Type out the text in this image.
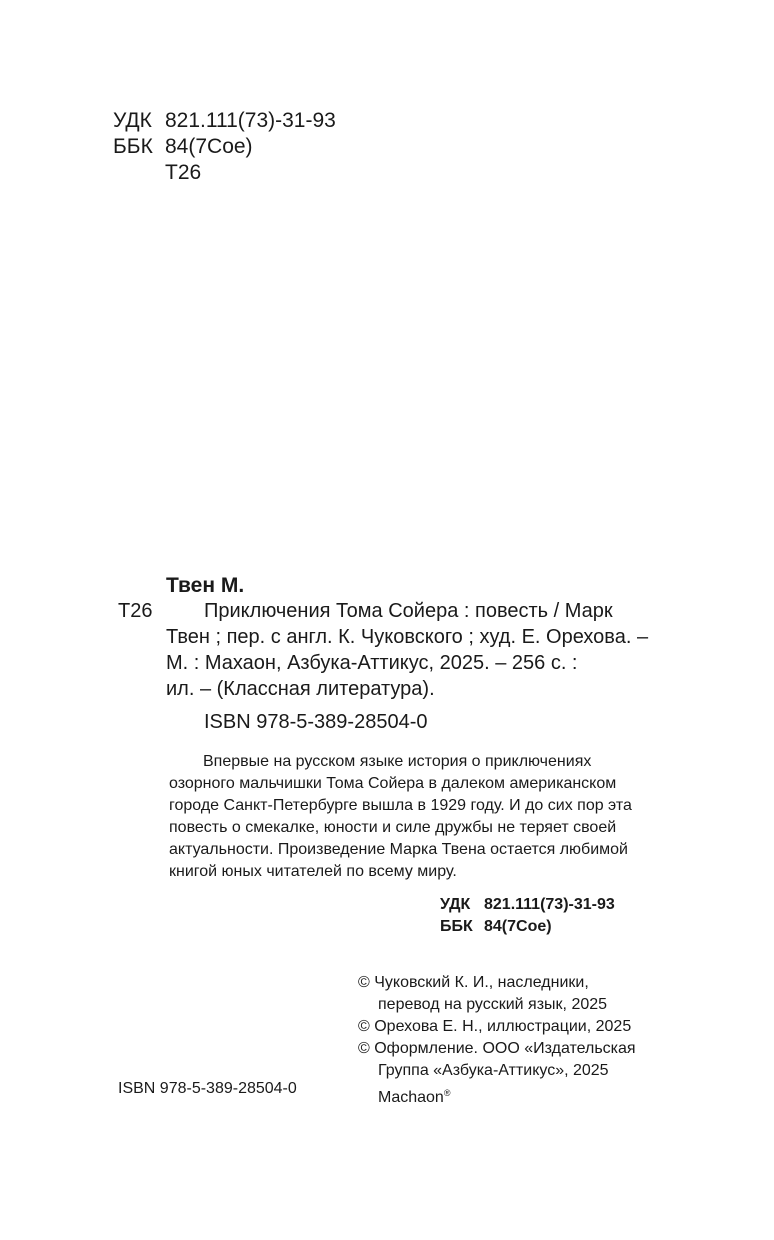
УДК 821.111(73)-31-93
ББК 84(7Сое)
Т26
Твен М.
Т26	Приключения Тома Сойера : повесть / Марк
Твен ; пер. с англ. К. Чуковского ; худ. Е. Орехова. –
М. : Махаон, Азбука-Аттикус, 2025. – 256 с. :
ил. – (Классная литература).
ISBN 978-5-389-28504-0
Впервые на русском языке история о приключениях
озорного мальчишки Тома Сойера в далеком американском
городе Санкт-Петербурге вышла в 1929 году. И до сих пор эта
повесть о смекалке, юности и силе дружбы не теряет своей
актуальности. Произведение Марка Твена остается любимой
книгой юных читателей по всему миру.
УДК 821.111(73)-31-93
ББК 84(7Сое)
© Чуковский К. И., наследники,
перевод на русский язык, 2025
© Орехова Е. Н., иллюстрации, 2025
© Оформление. ООО «Издательская
Группа «Азбука-Аттикус», 2025
Machaon®
ISBN 978-5-389-28504-0
